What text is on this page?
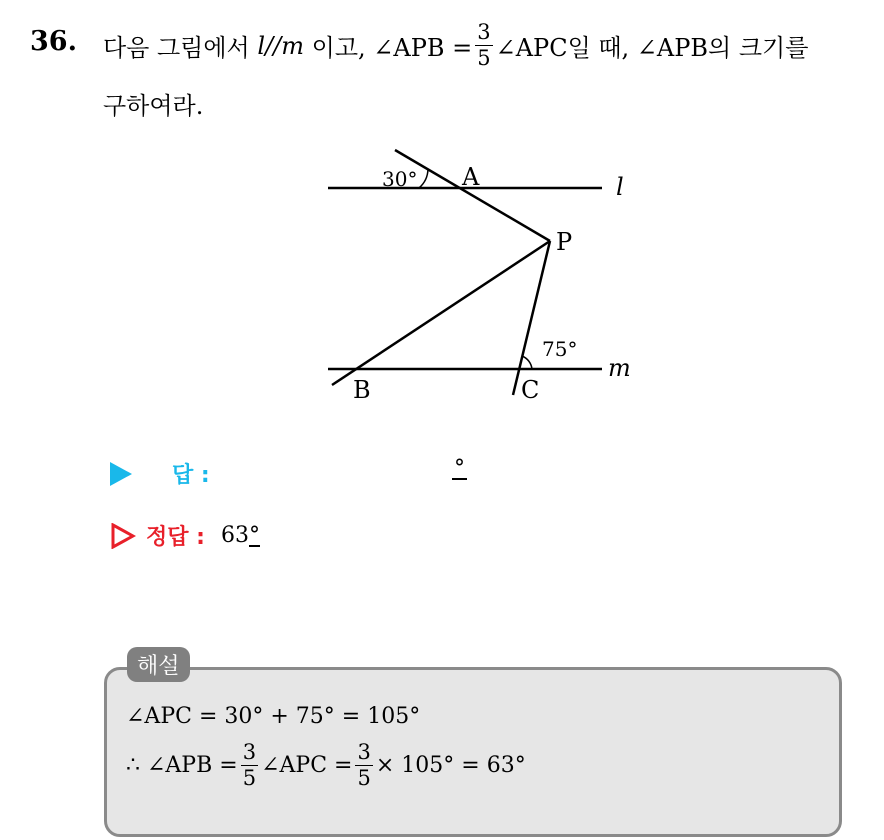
36. 다음 그림에서
l // m
이고, ∠APB = $\frac{3}{5}$ ∠APC일 때, ∠APB의 크기를
구하여라.
30° A	l
P
75°
m
B	C
답 :	°
정답 : 63°
해설
∠APC = 30° + 75° = 105°
∴ ∠APB = $\frac{3}{5}$ ∠APC = $\frac{3}{5} \times 105^\circ = 63^\circ$
